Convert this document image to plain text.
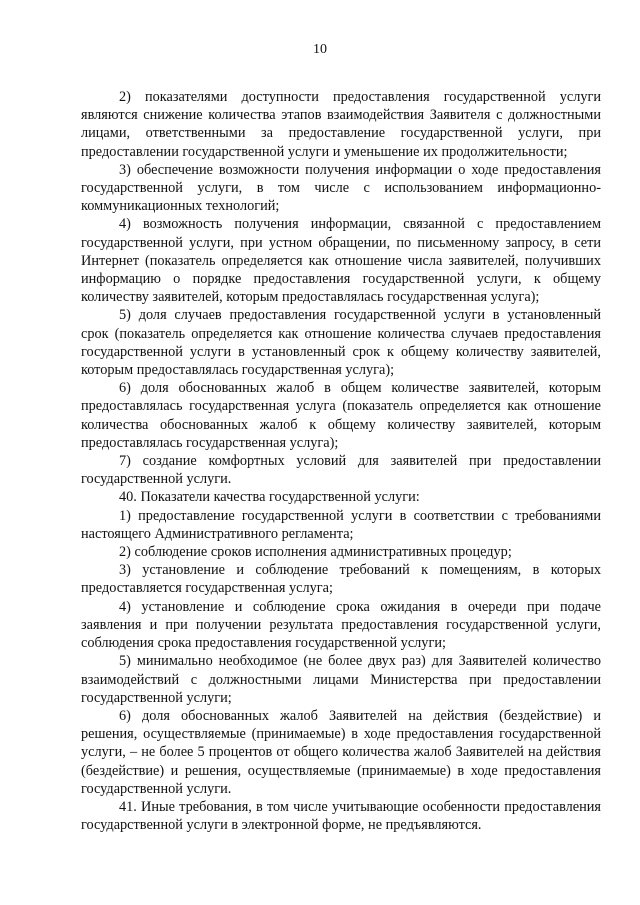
10

2) показателями доступности предоставления государственной услуги являются снижение количества этапов взаимодействия Заявителя с должностными лицами, ответственными за предоставление государственной услуги, при предоставлении государственной услуги и уменьшение их продолжительности;

3) обеспечение возможности получения информации о ходе предоставления государственной услуги, в том числе с использованием информационно-коммуникационных технологий;

4) возможность получения информации, связанной с предоставлением государственной услуги, при устном обращении, по письменному запросу, в сети Интернет (показатель определяется как отношение числа заявителей, получивших информацию о порядке предоставления государственной услуги, к общему количеству заявителей, которым предоставлялась государственная услуга);

5) доля случаев предоставления государственной услуги в установленный срок (показатель определяется как отношение количества случаев предоставления государственной услуги в установленный срок к общему количеству заявителей, которым предоставлялась государственная услуга);

6) доля обоснованных жалоб в общем количестве заявителей, которым предоставлялась государственная услуга (показатель определяется как отношение количества обоснованных жалоб к общему количеству заявителей, которым предоставлялась государственная услуга);

7) создание комфортных условий для заявителей при предоставлении государственной услуги.

40. Показатели качества государственной услуги:

1) предоставление государственной услуги в соответствии с требованиями настоящего Административного регламента;

2) соблюдение сроков исполнения административных процедур;

3) установление и соблюдение требований к помещениям, в которых предоставляется государственная услуга;

4) установление и соблюдение срока ожидания в очереди при подаче заявления и при получении результата предоставления государственной услуги, соблюдения срока предоставления государственной услуги;

5) минимально необходимое (не более двух раз) для Заявителей количество взаимодействий с должностными лицами Министерства при предоставлении государственной услуги;

6) доля обоснованных жалоб Заявителей на действия (бездействие) и решения, осуществляемые (принимаемые) в ходе предоставления государственной услуги, – не более 5 процентов от общего количества жалоб Заявителей на действия (бездействие) и решения, осуществляемые (принимаемые) в ходе предоставления государственной услуги.

41. Иные требования, в том числе учитывающие особенности предоставления государственной услуги в электронной форме, не предъявляются.
